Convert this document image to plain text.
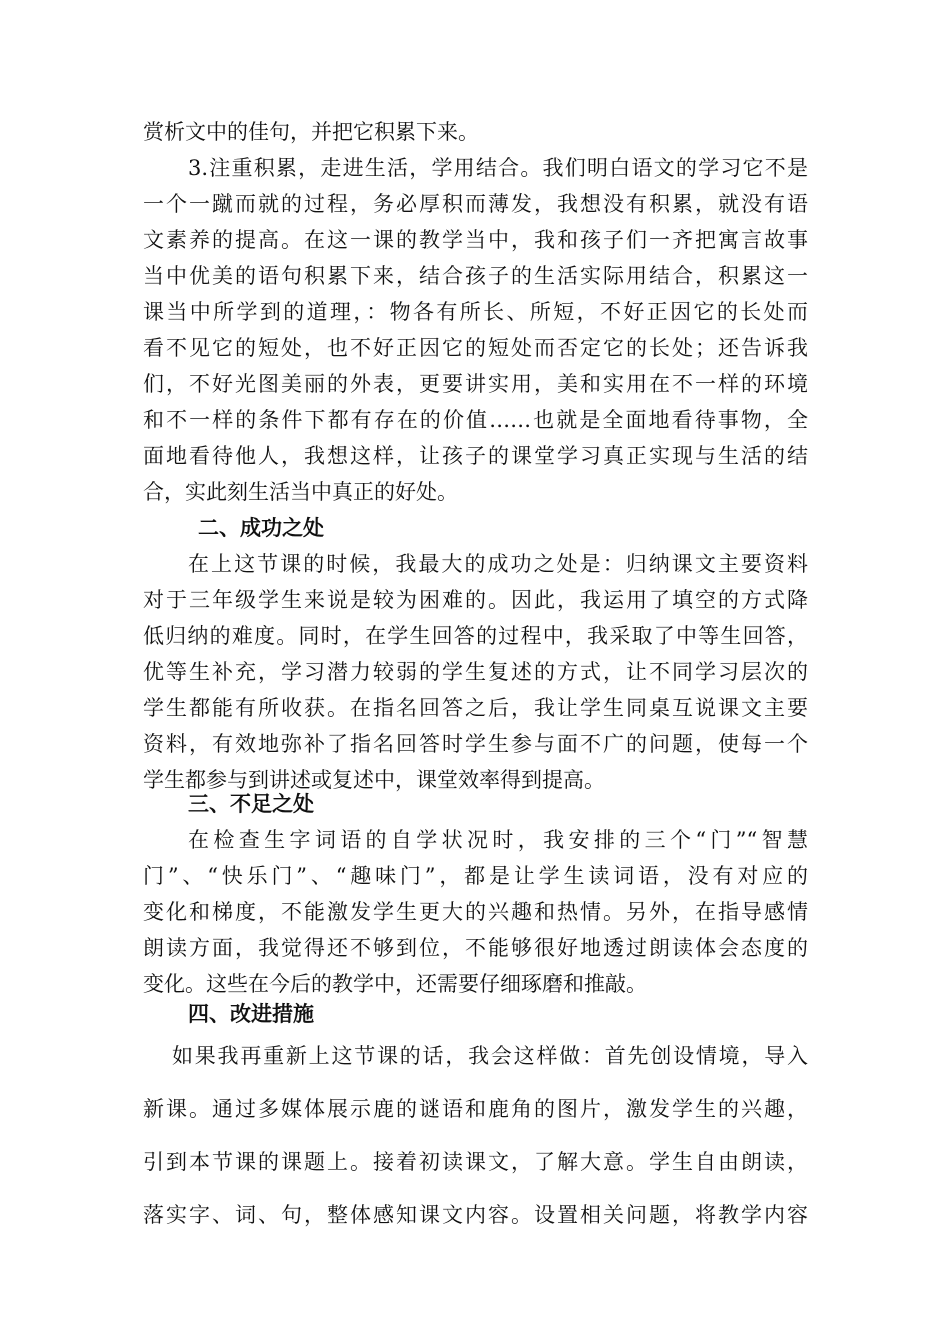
赏析文中的佳句，并把它积累下来。
3.注重积累，走进生活，学用结合。我们明白语文的学习它不是
一个一蹴而就的过程，务必厚积而薄发，我想没有积累，就没有语
文素养的提高。在这一课的教学当中，我和孩子们一齐把寓言故事
当中优美的语句积累下来，结合孩子的生活实际用结合，积累这一
课当中所学到的道理，：物各有所长、所短，不好正因它的长处而
看不见它的短处，也不好正因它的短处而否定它的长处；还告诉我
们，不好光图美丽的外表，更要讲实用，美和实用在不一样的环境
和不一样的条件下都有存在的价值……也就是全面地看待事物，全
面地看待他人，我想这样，让孩子的课堂学习真正实现与生活的结
合，实此刻生活当中真正的好处。
二、成功之处
在上这节课的时候，我最大的成功之处是：归纳课文主要资料
对于三年级学生来说是较为困难的。因此，我运用了填空的方式降
低归纳的难度。同时，在学生回答的过程中，我采取了中等生回答，
优等生补充，学习潜力较弱的学生复述的方式，让不同学习层次的
学生都能有所收获。在指名回答之后，我让学生同桌互说课文主要
资料，有效地弥补了指名回答时学生参与面不广的问题，使每一个
学生都参与到讲述或复述中，课堂效率得到提高。
三、不足之处
在检查生字词语的自学状况时，我安排的三个“门”“智慧
门”、“快乐门”、“趣味门”，都是让学生读词语，没有对应的
变化和梯度，不能激发学生更大的兴趣和热情。另外，在指导感情
朗读方面，我觉得还不够到位，不能够很好地透过朗读体会态度的
变化。这些在今后的教学中，还需要仔细琢磨和推敲。
四、改进措施
如果我再重新上这节课的话，我会这样做：首先创设情境，导入
新课。通过多媒体展示鹿的谜语和鹿角的图片，激发学生的兴趣，
引到本节课的课题上。接着初读课文，了解大意。学生自由朗读，
落实字、词、句，整体感知课文内容。设置相关问题，将教学内容
